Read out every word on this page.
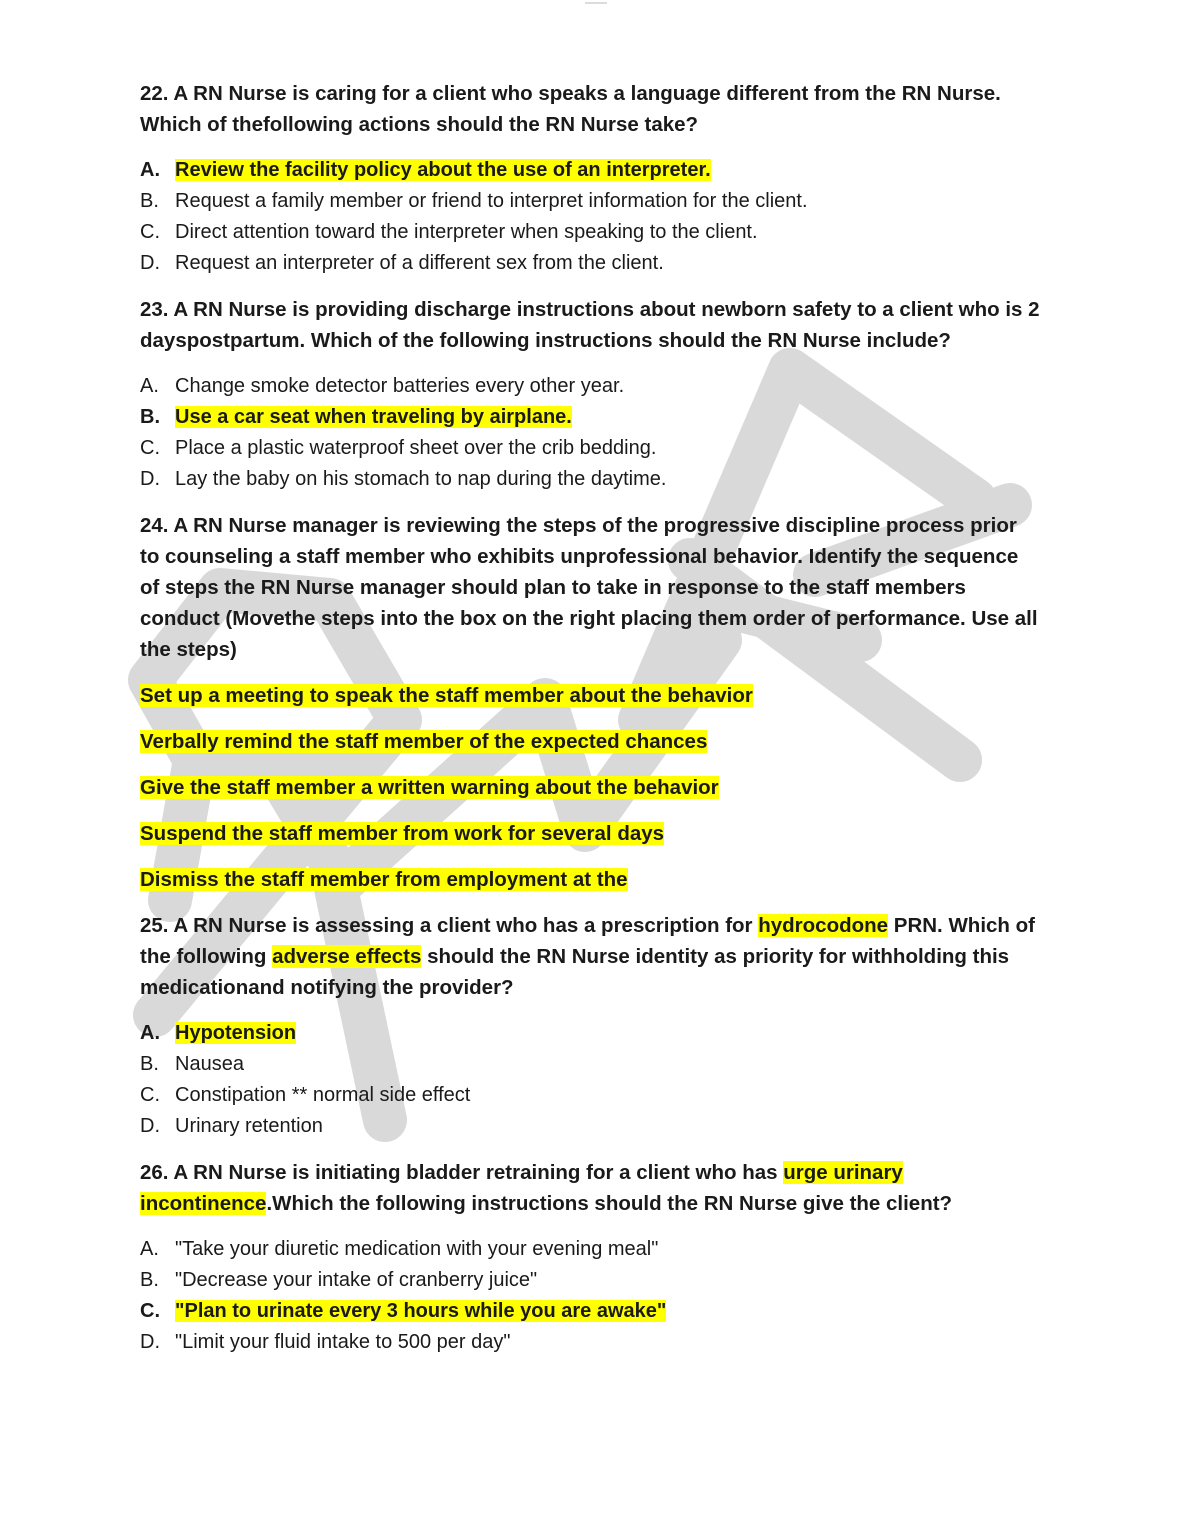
22. A RN Nurse is caring for a client who speaks a language different from the RN Nurse. Which of thefollowing actions should the RN Nurse take?
A. Review the facility policy about the use of an interpreter.
B. Request a family member or friend to interpret information for the client.
C. Direct attention toward the interpreter when speaking to the client.
D. Request an interpreter of a different sex from the client.
23. A RN Nurse is providing discharge instructions about newborn safety to a client who is 2 dayspostpartum. Which of the following instructions should the RN Nurse include?
A. Change smoke detector batteries every other year.
B. Use a car seat when traveling by airplane.
C. Place a plastic waterproof sheet over the crib bedding.
D. Lay the baby on his stomach to nap during the daytime.
24. A RN Nurse manager is reviewing the steps of the progressive discipline process prior to counseling a staff member who exhibits unprofessional behavior. Identify the sequence of steps the RN Nurse manager should plan to take in response to the staff members conduct (Movethe steps into the box on the right placing them order of performance. Use all the steps)
Set up a meeting to speak the staff member about the behavior
Verbally remind the staff member of the expected chances
Give the staff member a written warning about the behavior
Suspend the staff member from work for several days
Dismiss the staff member from employment at the
25. A RN Nurse is assessing a client who has a prescription for hydrocodone PRN. Which of the following adverse effects should the RN Nurse identity as priority for withholding this medicationand notifying the provider?
A. Hypotension
B. Nausea
C. Constipation ** normal side effect
D. Urinary retention
26. A RN Nurse is initiating bladder retraining for a client who has urge urinary incontinence.Which the following instructions should the RN Nurse give the client?
A. "Take your diuretic medication with your evening meal"
B. "Decrease your intake of cranberry juice"
C. "Plan to urinate every 3 hours while you are awake"
D. "Limit your fluid intake to 500 per day"
